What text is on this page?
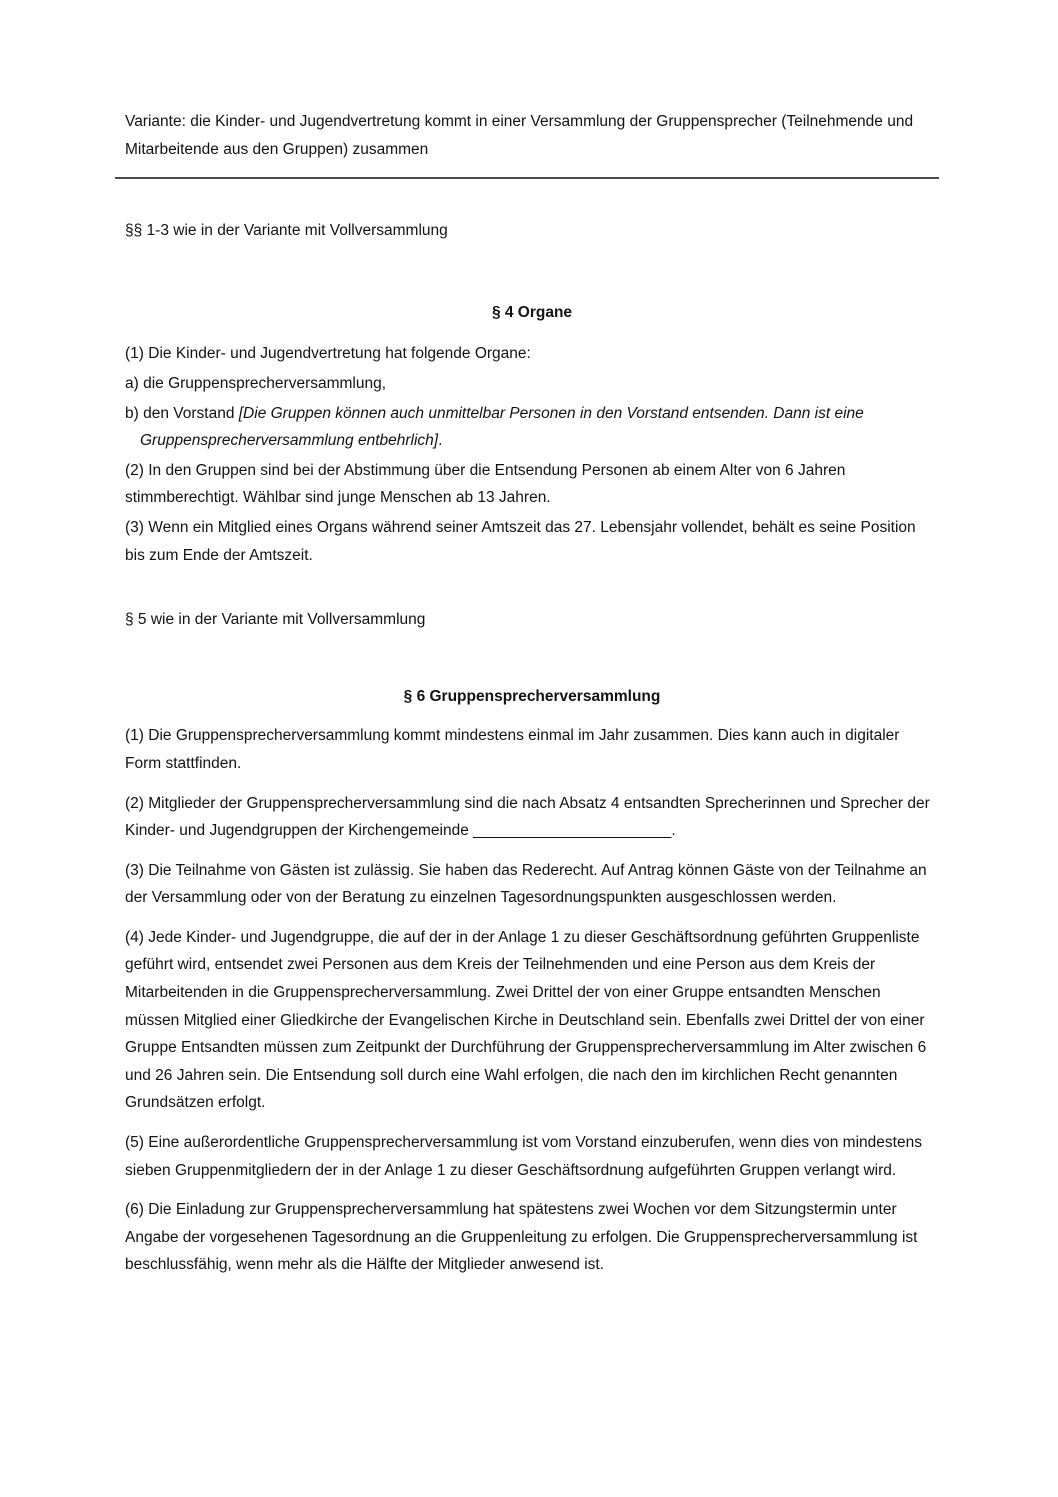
Variante: die Kinder- und Jugendvertretung kommt in einer Versammlung der Gruppensprecher (Teilnehmende und Mitarbeitende aus den Gruppen) zusammen

§§ 1-3 wie in der Variante mit Vollversammlung

§ 4 Organe

(1) Die Kinder- und Jugendvertretung hat folgende Organe:

a) die Gruppensprecherversammlung,

b) den Vorstand [Die Gruppen können auch unmittelbar Personen in den Vorstand entsenden. Dann ist eine Gruppensprecherversammlung entbehrlich].

(2) In den Gruppen sind bei der Abstimmung über die Entsendung Personen ab einem Alter von 6 Jahren stimmberechtigt. Wählbar sind junge Menschen ab 13 Jahren.

(3) Wenn ein Mitglied eines Organs während seiner Amtszeit das 27. Lebensjahr vollendet, behält es seine Position bis zum Ende der Amtszeit.

§ 5 wie in der Variante mit Vollversammlung

§ 6 Gruppensprecherversammlung

(1) Die Gruppensprecherversammlung kommt mindestens einmal im Jahr zusammen. Dies kann auch in digitaler Form stattfinden.

(2) Mitglieder der Gruppensprecherversammlung sind die nach Absatz 4 entsandten Sprecherinnen und Sprecher der Kinder- und Jugendgruppen der Kirchengemeinde _______________________.

(3) Die Teilnahme von Gästen ist zulässig. Sie haben das Rederecht. Auf Antrag können Gäste von der Teilnahme an der Versammlung oder von der Beratung zu einzelnen Tagesordnungspunkten ausgeschlossen werden.

(4) Jede Kinder- und Jugendgruppe, die auf der in der Anlage 1 zu dieser Geschäftsordnung geführten Gruppenliste geführt wird, entsendet zwei Personen aus dem Kreis der Teilnehmenden und eine Person aus dem Kreis der Mitarbeitenden in die Gruppensprecherversammlung. Zwei Drittel der von einer Gruppe entsandten Menschen müssen Mitglied einer Gliedkirche der Evangelischen Kirche in Deutschland sein. Ebenfalls zwei Drittel der von einer Gruppe Entsandten müssen zum Zeitpunkt der Durchführung der Gruppensprecherversammlung im Alter zwischen 6 und 26 Jahren sein. Die Entsendung soll durch eine Wahl erfolgen, die nach den im kirchlichen Recht genannten Grundsätzen erfolgt.

(5) Eine außerordentliche Gruppensprecherversammlung ist vom Vorstand einzuberufen, wenn dies von mindestens sieben Gruppenmitgliedern der in der Anlage 1 zu dieser Geschäftsordnung aufgeführten Gruppen verlangt wird.

(6) Die Einladung zur Gruppensprecherversammlung hat spätestens zwei Wochen vor dem Sitzungstermin unter Angabe der vorgesehenen Tagesordnung an die Gruppenleitung zu erfolgen. Die Gruppensprecherversammlung ist beschlussfähig, wenn mehr als die Hälfte der Mitglieder anwesend ist.
